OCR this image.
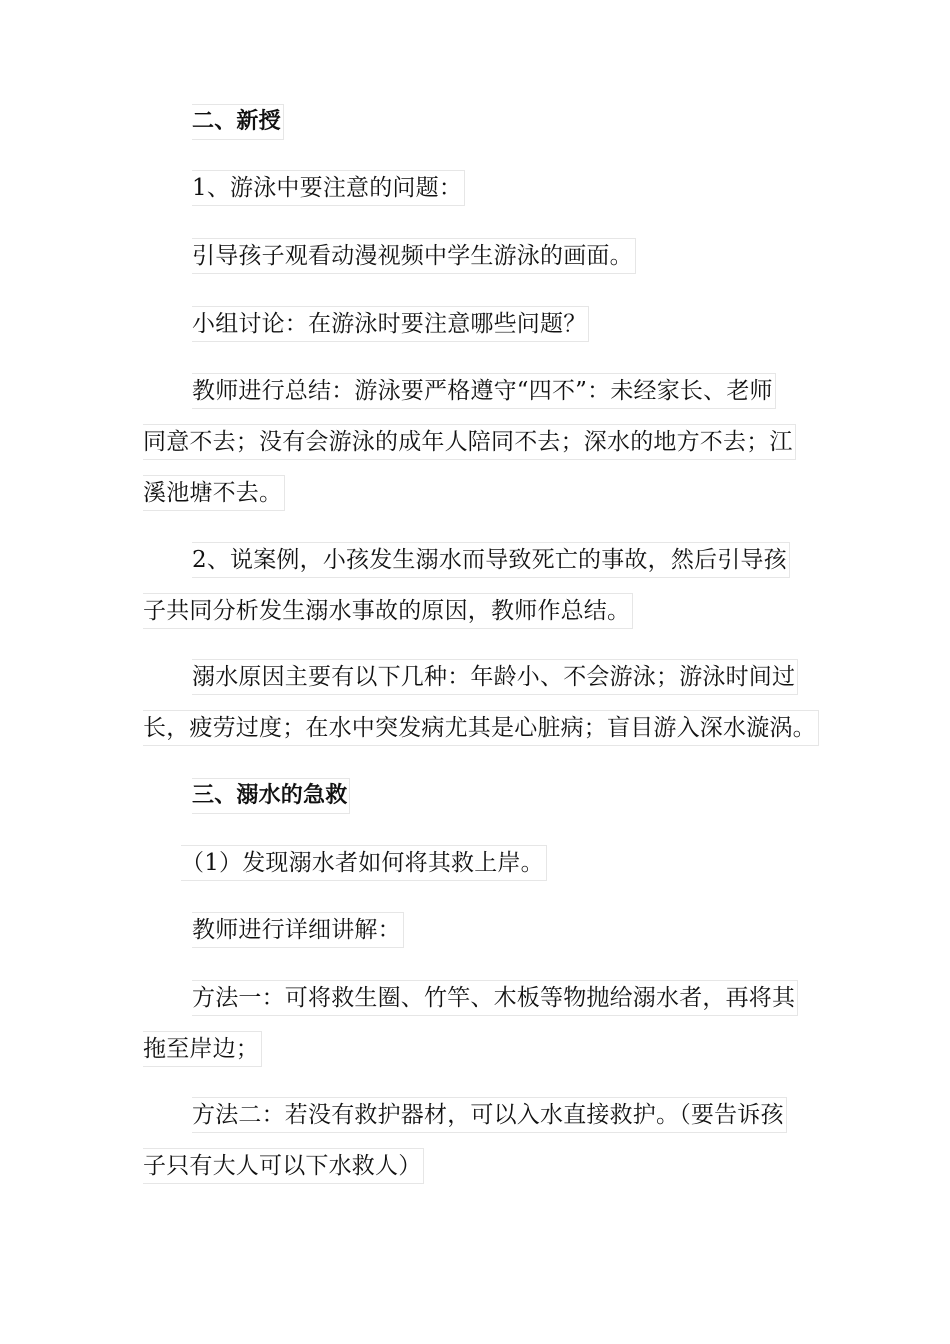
二、新授
1、游泳中要注意的问题：
引导孩子观看动漫视频中学生游泳的画面。
小组讨论：在游泳时要注意哪些问题？
教师进行总结：游泳要严格遵守“四不”：未经家长、老师
同意不去；没有会游泳的成年人陪同不去；深水的地方不去；江
溪池塘不去。
2、说案例，小孩发生溺水而导致死亡的事故，然后引导孩
子共同分析发生溺水事故的原因，教师作总结。
溺水原因主要有以下几种：年龄小、不会游泳；游泳时间过
长，疲劳过度；在水中突发病尤其是心脏病；盲目游入深水漩涡。
三、溺水的急救
（1）发现溺水者如何将其救上岸。
教师进行详细讲解：
方法一：可将救生圈、竹竿、木板等物抛给溺水者，再将其
拖至岸边；
方法二：若没有救护器材，可以入水直接救护。（要告诉孩
子只有大人可以下水救人）
